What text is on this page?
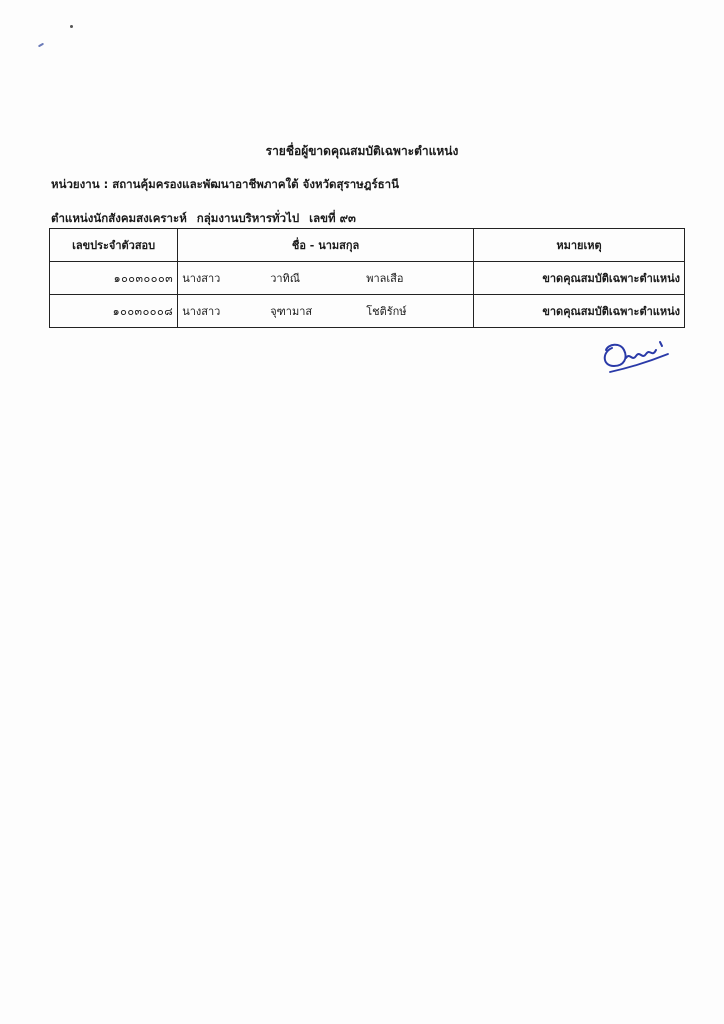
รายชื่อผู้ขาดคุณสมบัติเฉพาะตำแหน่ง
หน่วยงาน : สถานคุ้มครองและพัฒนาอาชีพภาคใต้ จังหวัดสุราษฎร์ธานี
ตำแหน่งนักสังคมสงเคราะห์ กลุ่มงานบริหารทั่วไป เลขที่ ๙๓
เลขประจำตัวสอบ	ชื่อ - นามสกุล	หมายเหตุ
๑๐๐๓๐๐๐๓	นางสาว วาทิณี พาลเสือ	ขาดคุณสมบัติเฉพาะตำแหน่ง
๑๐๐๓๐๐๐๘	นางสาว จุฑามาส โชติรักษ์	ขาดคุณสมบัติเฉพาะตำแหน่ง
